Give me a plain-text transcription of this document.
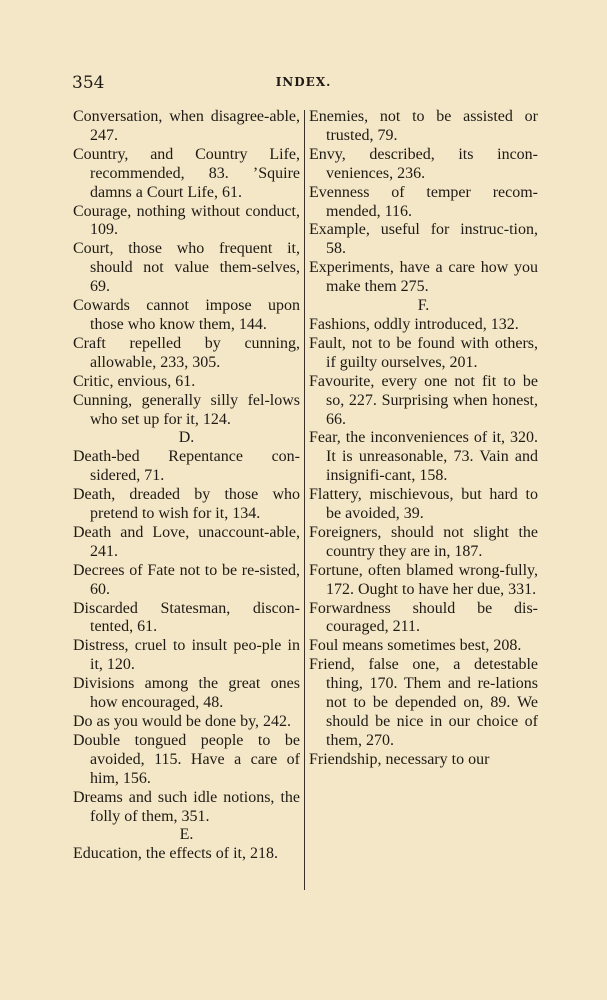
354	INDEX.

Conversation, when disagree-able, 247.

Country, and Country Life, recommended, 83. ’Squire damns a Court Life, 61.

Courage, nothing without conduct, 109.

Court, those who frequent it, should not value them-selves, 69.

Cowards cannot impose upon those who know them, 144.

Craft repelled by cunning, allowable, 233, 305.

Critic, envious, 61.

Cunning, generally silly fel-lows who set up for it, 124.

D.

Death-bed Repentance con-sidered, 71.

Death, dreaded by those who pretend to wish for it, 134.

Death and Love, unaccount-able, 241.

Decrees of Fate not to be re-sisted, 60.

Discarded Statesman, discon-tented, 61.

Distress, cruel to insult peo-ple in it, 120.

Divisions among the great ones how encouraged, 48.

Do as you would be done by, 242.

Double tongued people to be avoided, 115. Have a care of him, 156.

Dreams and such idle notions, the folly of them, 351.

E.

Education, the effects of it, 218.

Enemies, not to be assisted or trusted, 79.

Envy, described, its incon-veniences, 236.

Evenness of temper recom-mended, 116.

Example, useful for instruc-tion, 58.

Experiments, have a care how you make them 275.

F.

Fashions, oddly introduced, 132.

Fault, not to be found with others, if guilty ourselves, 201.

Favourite, every one not fit to be so, 227. Surprising when honest, 66.

Fear, the inconveniences of it, 320. It is unreasonable, 73. Vain and insignifi-cant, 158.

Flattery, mischievous, but hard to be avoided, 39.

Foreigners, should not slight the country they are in, 187.

Fortune, often blamed wrong-fully, 172. Ought to have her due, 331.

Forwardness should be dis-couraged, 211.

Foul means sometimes best, 208.

Friend, false one, a detestable thing, 170. Them and re-lations not to be depended on, 89. We should be nice in our choice of them, 270.

Friendship, necessary to our
